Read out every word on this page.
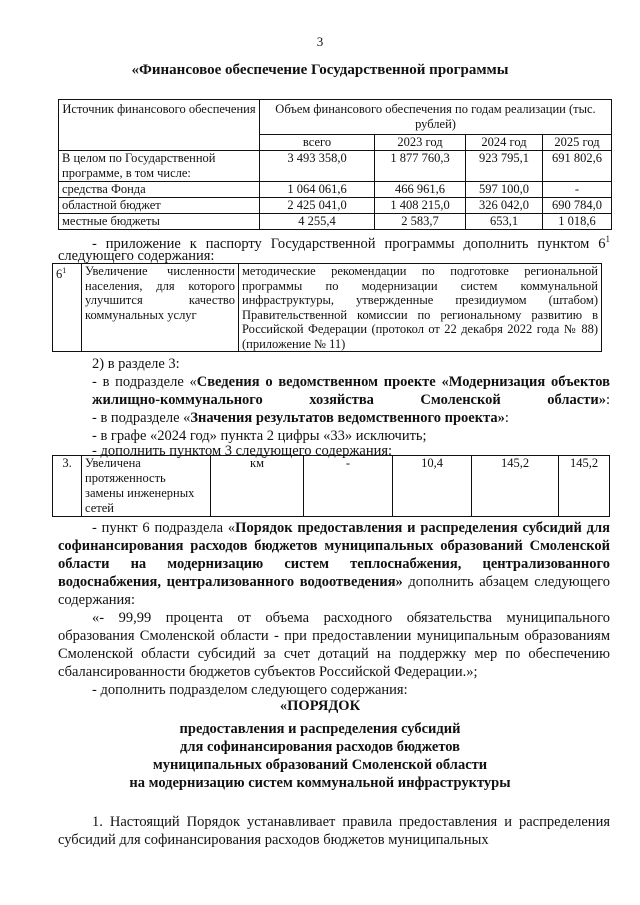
3
«Финансовое обеспечение Государственной программы
Источник финансового обеспечения	Объем финансового обеспечения по годам реализации (тыс. рублей)			
	всего	2023 год	2024 год	2025 год
В целом по Государственной программе, в том числе:	3 493 358,0	1 877 760,3	923 795,1	691 802,6
средства Фонда	1 064 061,6	466 961,6	597 100,0	-
областной бюджет	2 425 041,0	1 408 215,0	326 042,0	690 784,0
местные бюджеты	4 255,4	2 583,7	653,1	1 018,6
- приложение к паспорту Государственной программы дополнить пунктом $6^1$
следующего содержания:
$6^1$	Увеличение численности населения, для которого улучшится качество коммунальных услуг	методические рекомендации по подготовке региональной программы по модернизации систем коммунальной инфраструктуры, утвержденные президиумом (штабом) Правительственной комиссии по региональному развитию в Российской Федерации (протокол от 22 декабря 2022 года № 88) (приложение № 11)
2) в разделе 3:
- в подразделе «Сведения о ведомственном проекте «Модернизация объектов жилищно-коммунального хозяйства Смоленской области»:
- в подразделе «Значения результатов ведомственного проекта»:
- в графе «2024 год» пункта 2 цифры «33» исключить;
- дополнить пунктом 3 следующего содержания:
3.	Увеличена протяженность замены инженерных сетей	км	-	10,4	145,2	145,2
- пункт 6 подраздела «Порядок предоставления и распределения субсидий для софинансирования расходов бюджетов муниципальных образований Смоленской области на модернизацию систем теплоснабжения, централизованного водоснабжения, централизованного водоотведения» дополнить абзацем следующего содержания:
«- 99,99 процента от объема расходного обязательства муниципального образования Смоленской области - при предоставлении муниципальным образованиям Смоленской области субсидий за счет дотаций на поддержку мер по обеспечению сбалансированности бюджетов субъектов Российской Федерации.»;
- дополнить подразделом следующего содержания:
«ПОРЯДОК
предоставления и распределения субсидий
для софинансирования расходов бюджетов
муниципальных образований Смоленской области
на модернизацию систем коммунальной инфраструктуры
1. Настоящий Порядок устанавливает правила предоставления и распределения субсидий для софинансирования расходов бюджетов муниципальных
